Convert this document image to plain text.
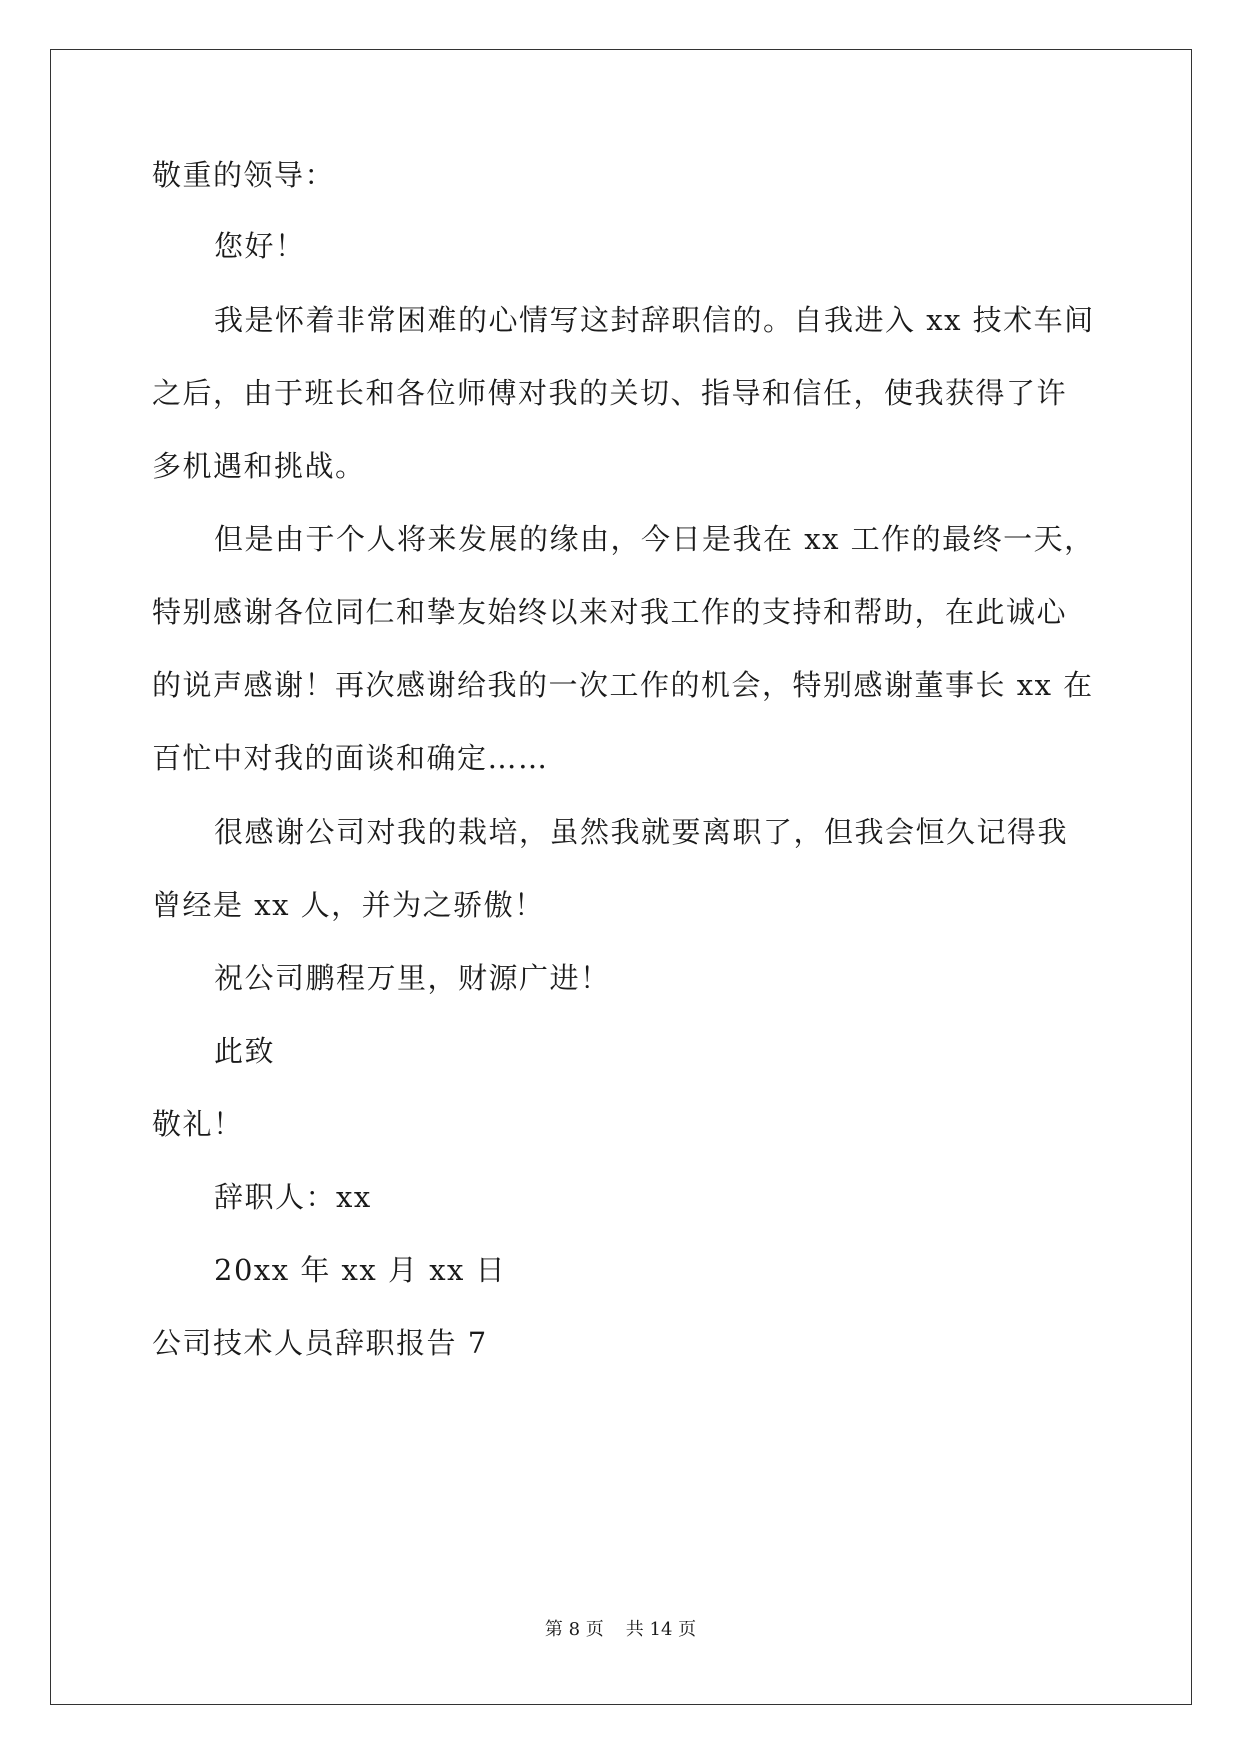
敬重的领导：
您好！
我是怀着非常困难的心情写这封辞职信的。自我进入 xx 技术车间
之后，由于班长和各位师傅对我的关切、指导和信任，使我获得了许
多机遇和挑战。
但是由于个人将来发展的缘由，今日是我在 xx 工作的最终一天，
特别感谢各位同仁和挚友始终以来对我工作的支持和帮助，在此诚心
的说声感谢！再次感谢给我的一次工作的机会，特别感谢董事长 xx 在
百忙中对我的面谈和确定……
很感谢公司对我的栽培，虽然我就要离职了，但我会恒久记得我
曾经是 xx 人，并为之骄傲！
祝公司鹏程万里，财源广进！
此致
敬礼！
辞职人：xx
20xx 年 xx 月 xx 日
公司技术人员辞职报告 7
第 8 页 共 14 页
